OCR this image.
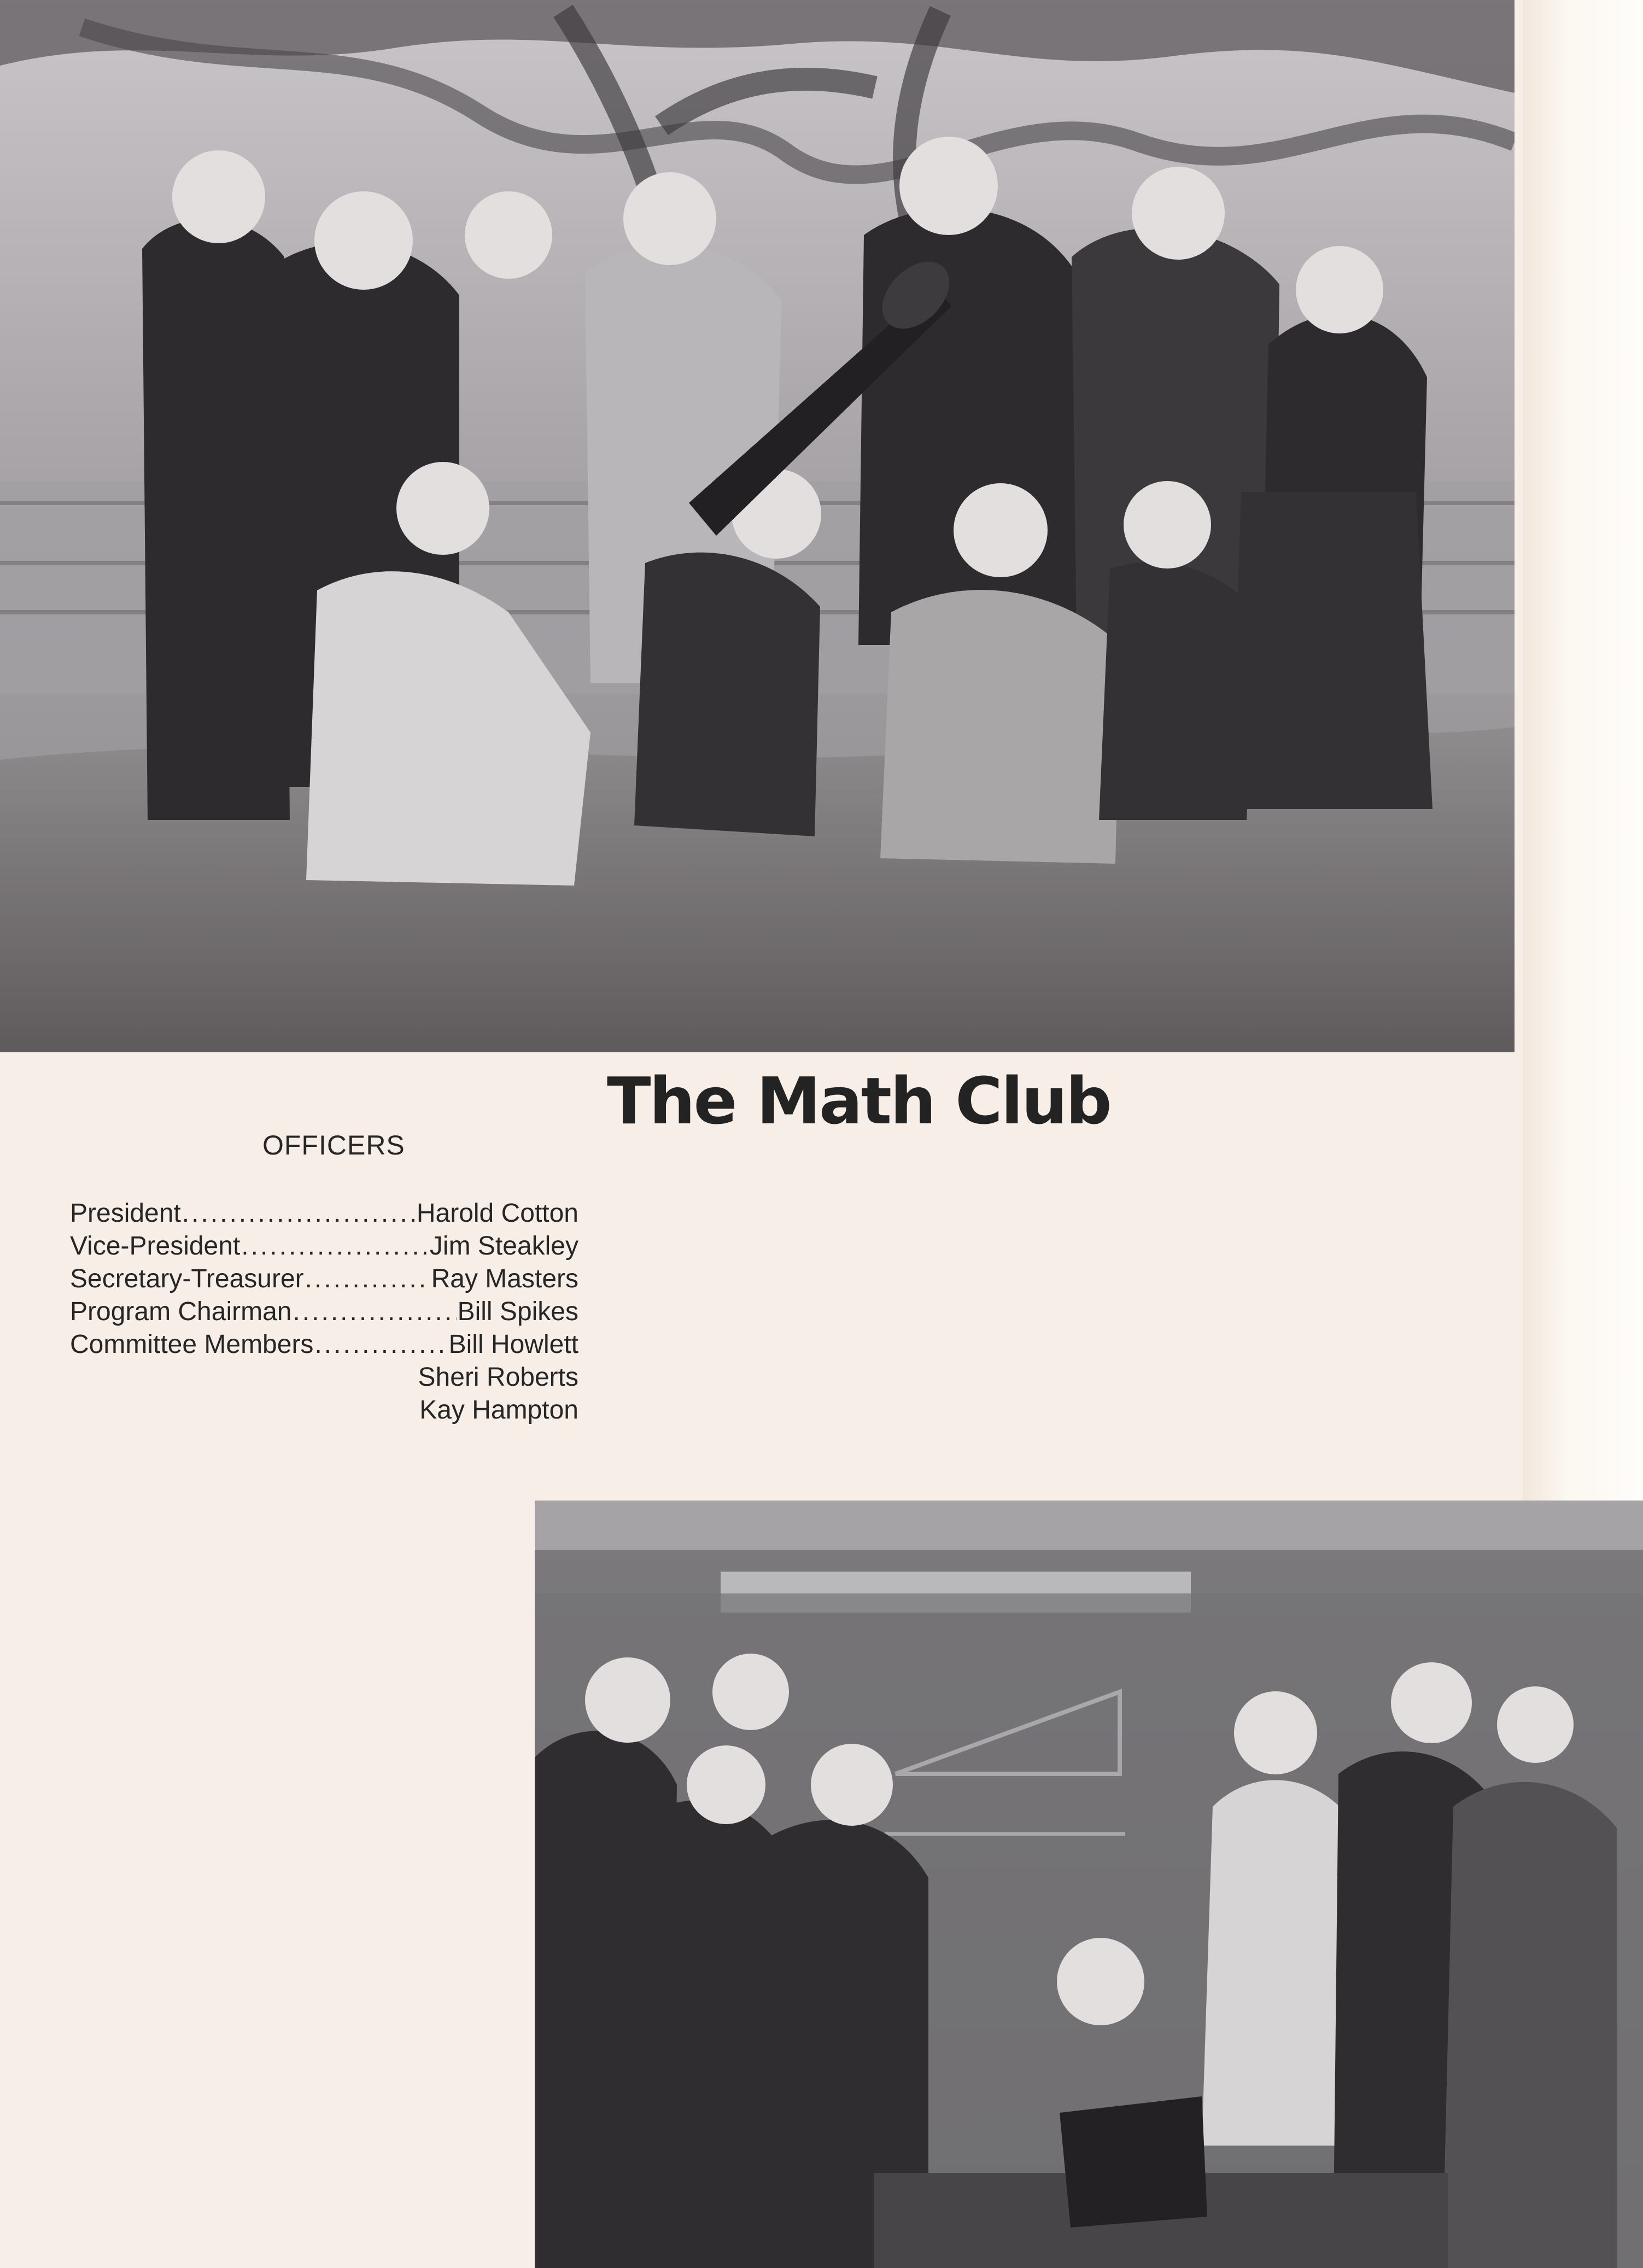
The Math Club
OFFICERS
President .....	Harold Cotton
Vice-President .....	Jim Steakley
Secretary-Treasurer .....	Ray Masters
Program Chairman .....	Bill Spikes
Committee Members .....	Bill Howlett
Sheri Roberts
Kay Hampton
